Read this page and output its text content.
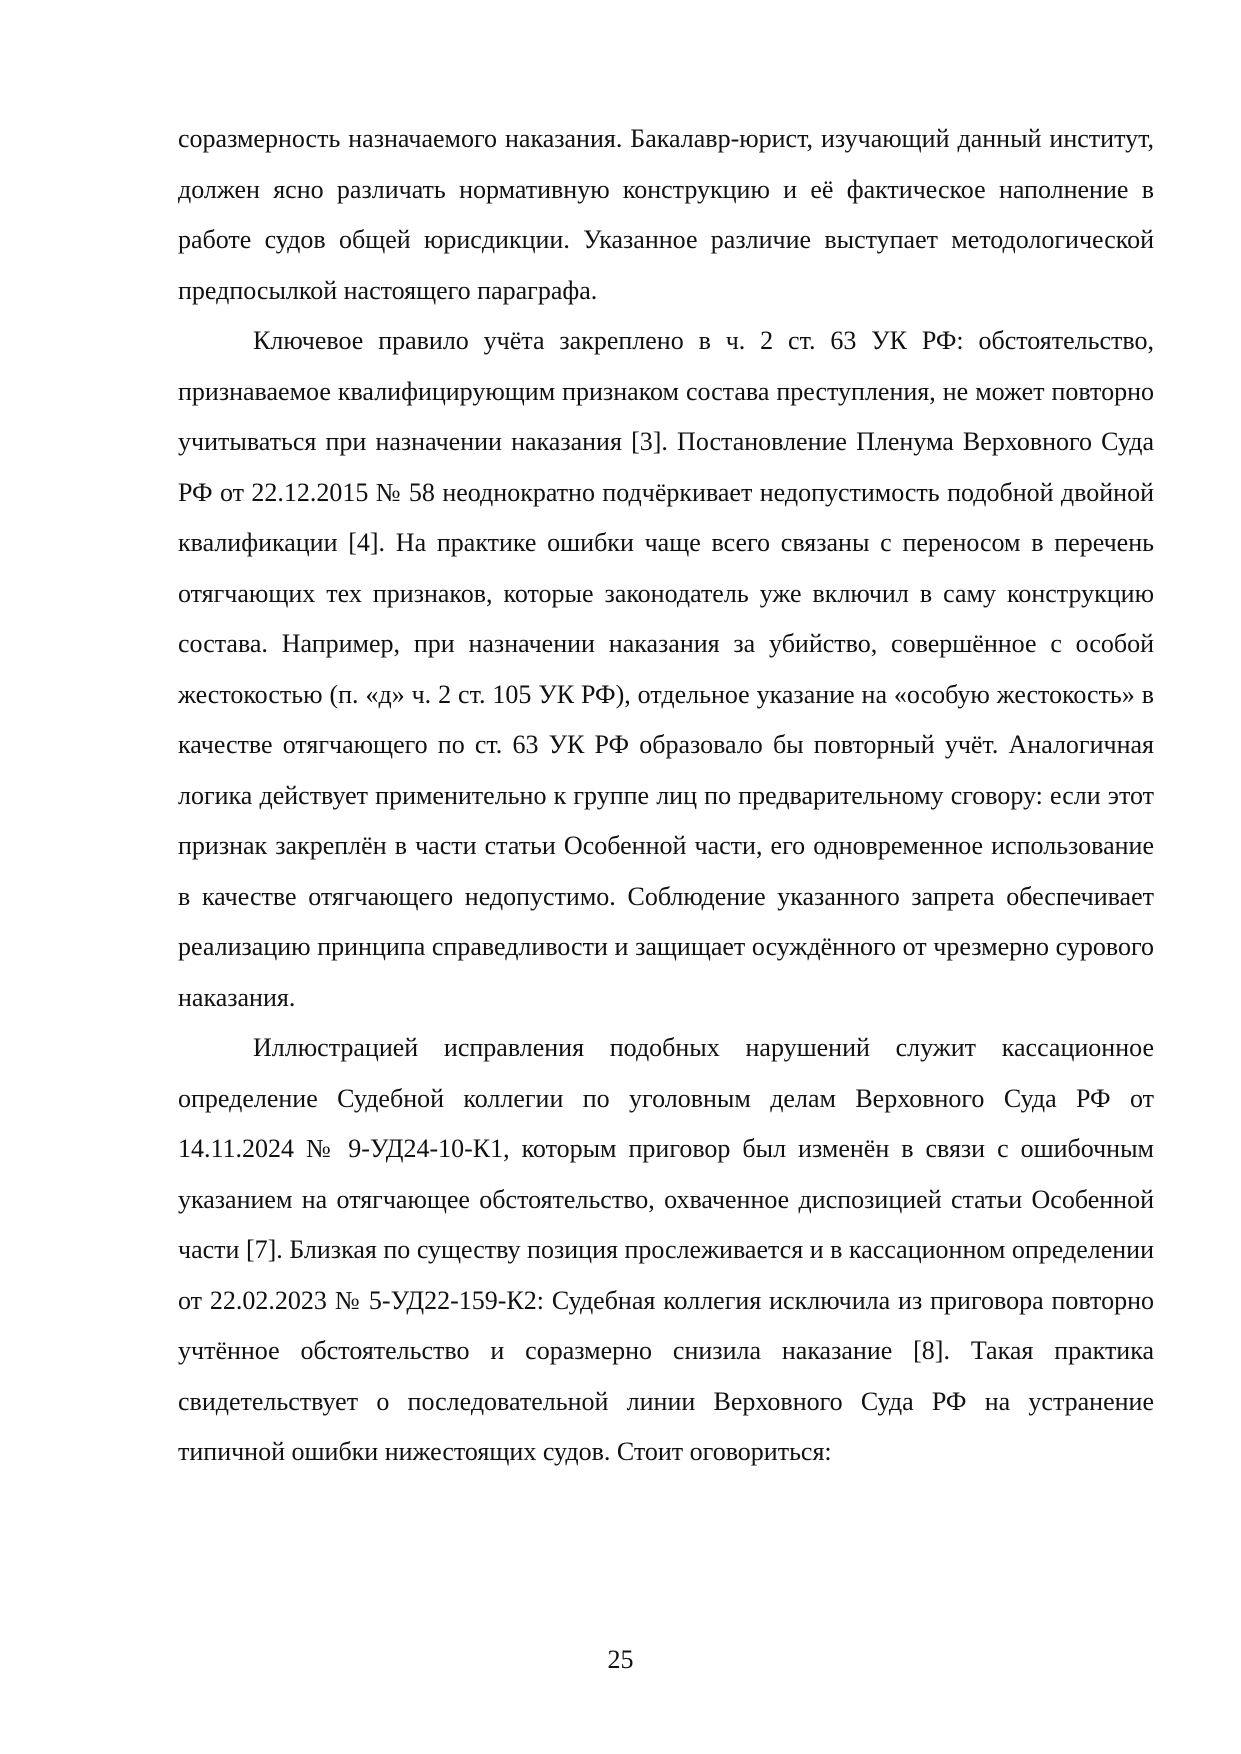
соразмерность назначаемого наказания. Бакалавр-юрист, изучающий данный институт, должен ясно различать нормативную конструкцию и её фактическое наполнение в работе судов общей юрисдикции. Указанное различие выступает методологической предпосылкой настоящего параграфа.

Ключевое правило учёта закреплено в ч. 2 ст. 63 УК РФ: обстоятельство, признаваемое квалифицирующим признаком состава преступления, не может повторно учитываться при назначении наказания [3]. Постановление Пленума Верховного Суда РФ от 22.12.2015 № 58 неоднократно подчёркивает недопустимость подобной двойной квалификации [4]. На практике ошибки чаще всего связаны с переносом в перечень отягчающих тех признаков, которые законодатель уже включил в саму конструкцию состава. Например, при назначении наказания за убийство, совершённое с особой жестокостью (п. «д» ч. 2 ст. 105 УК РФ), отдельное указание на «особую жестокость» в качестве отягчающего по ст. 63 УК РФ образовало бы повторный учёт. Аналогичная логика действует применительно к группе лиц по предварительному сговору: если этот признак закреплён в части статьи Особенной части, его одновременное использование в качестве отягчающего недопустимо. Соблюдение указанного запрета обеспечивает реализацию принципа справедливости и защищает осуждённого от чрезмерно сурового наказания.

Иллюстрацией исправления подобных нарушений служит кассационное определение Судебной коллегии по уголовным делам Верховного Суда РФ от 14.11.2024 № 9-УД24-10-К1, которым приговор был изменён в связи с ошибочным указанием на отягчающее обстоятельство, охваченное диспозицией статьи Особенной части [7]. Близкая по существу позиция прослеживается и в кассационном определении от 22.02.2023 № 5-УД22-159-К2: Судебная коллегия исключила из приговора повторно учтённое обстоятельство и соразмерно снизила наказание [8]. Такая практика свидетельствует о последовательной линии Верховного Суда РФ на устранение типичной ошибки нижестоящих судов. Стоит оговориться:

25
